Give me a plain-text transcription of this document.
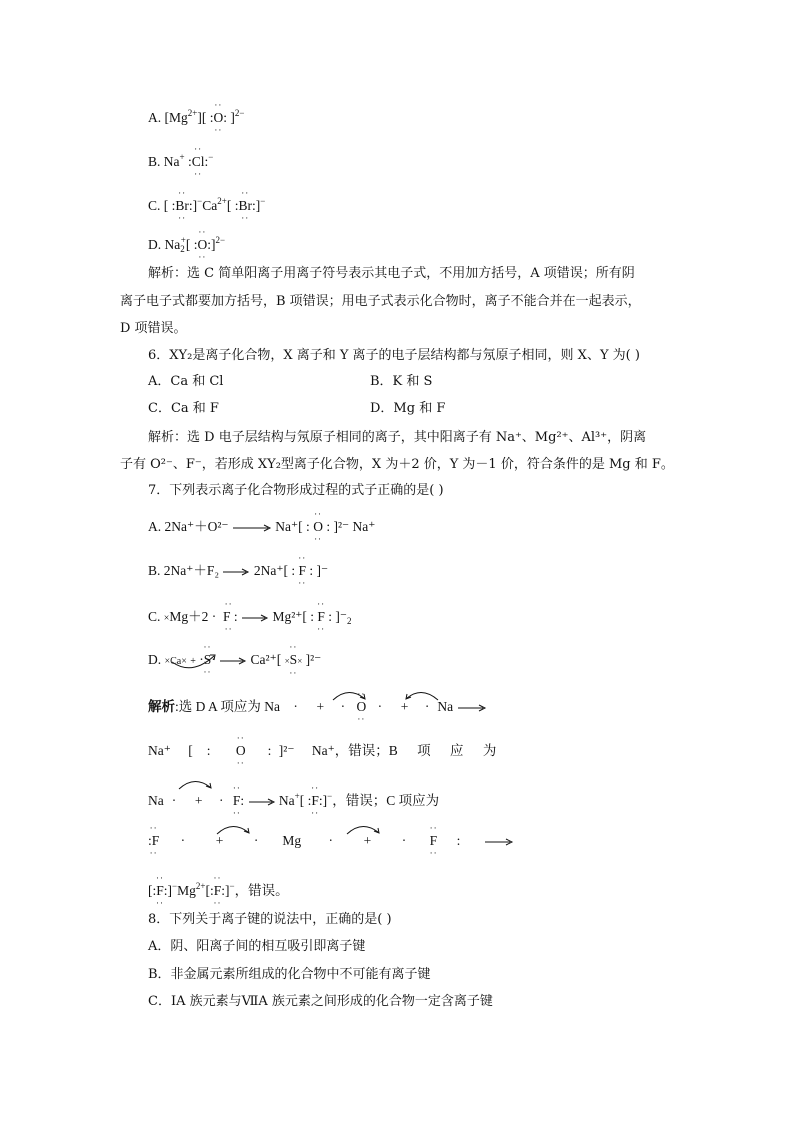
A. $[Mg^{2+}]$[ :
··
O
··
: ]$^{2-}$
B. Na+ :
··
Cl
··
:−
C. [ :
··
Br
··
$:]^-Ca^{2+}$[ :
··
Br
··
:]−
D. $Na_2^+$[ :
··
O
··
:]$^{2-}$
解析：选 C 简单阳离子用离子符号表示其电子式，不用加方括号，A 项错误；所有阴
离子电子式都要加方括号，B 项错误；用电子式表示化合物时，离子不能合并在一起表示，
D 项错误。
6．XY₂是离子化合物，X 离子和 Y 离子的电子层结构都与氖原子相同，则 X、Y 为( )
A．Ca 和 Cl	B．K 和 S
C．Ca 和 F	D．Mg 和 F
解析：选 D 电子层结构与氖原子相同的离子，其中阳离子有 Na⁺、Mg²⁺、Al³⁺，阴离
子有 O²⁻、F⁻，若形成 XY₂型离子化合物，X 为＋2 价，Y 为－1 价，符合条件的是 Mg 和 F。
7．下列表示离子化合物形成过程的式子正确的是( )
A. 2Na⁺＋O²⁻ → Na⁺[ :
··
O
··
: ]²⁻ Na⁺
B. 2Na⁺＋F₂ → 2Na⁺[ :
··
F
··
: ]⁻
C. ×Mg＋2 ·
··
F
··
: → Mg²⁺[ :
··
F
··
: ]$^-_2$
D. ×Ca× + ·
··
S
··
· → Ca²⁺[ ×
··
S
··
× ]²⁻
解析:选 D A 项应为 Na · + ·
··
O
··
· + · Na →
Na⁺ [ :
··
O
··
: ]²⁻ Na⁺，错误；B 项 应 为
Na · + ·
··
F
··
: → Na+[ :
··
F
··
:]−，错误；C 项应为
:
··
F
··
· + · Mg · + ·
··
F
··
:
[:
··
F
··
$:]^-Mg^{2+}$[:
··
F
··
:]−，错误。
8．下列关于离子键的说法中，正确的是( )
A．阴、阳离子间的相互吸引即离子键
B．非金属元素所组成的化合物中不可能有离子键
C．ⅠA 族元素与ⅦA 族元素之间形成的化合物一定含离子键
